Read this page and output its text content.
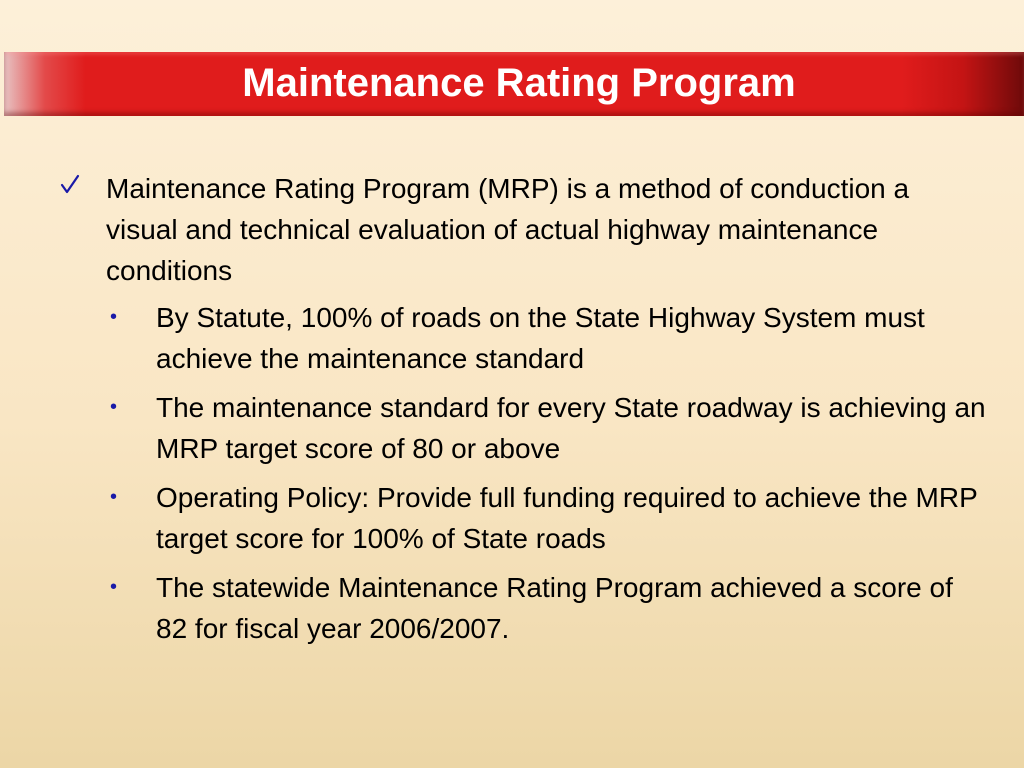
Maintenance Rating Program
Maintenance Rating Program (MRP) is a method of conduction a visual and technical evaluation of actual highway maintenance conditions
• By Statute, 100% of roads on the State Highway System must achieve the maintenance standard
• The maintenance standard for every State roadway is achieving an MRP target score of 80 or above
• Operating Policy: Provide full funding required to achieve the MRP target score for 100% of State roads
• The statewide Maintenance Rating Program achieved a score of 82 for fiscal year 2006/2007.
